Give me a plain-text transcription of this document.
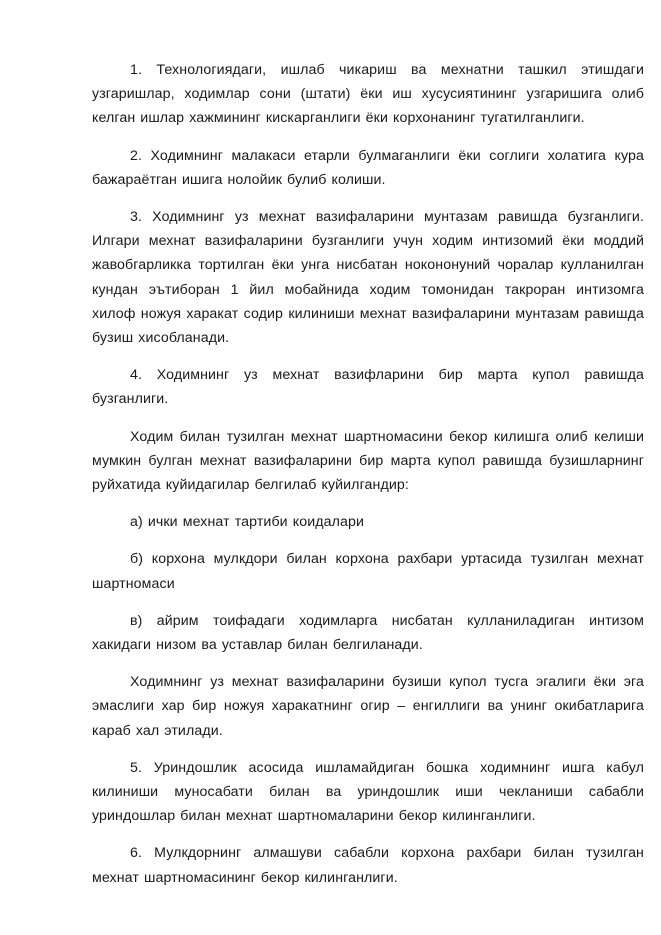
1. Технологиядаги, ишлаб чикариш ва мехнатни ташкил этишдаги узгаришлар, ходимлар сони (штати) ёки иш хусусиятининг узгаришига олиб келган ишлар хажмининг кискарганлиги ёки корхонанинг тугатилганлиги.

2. Ходимнинг малакаси етарли булмаганлиги ёки соглиги холатига кура бажараётган ишига нолойик булиб колиши.

3. Ходимнинг уз мехнат вазифаларини мунтазам равишда бузганлиги. Илгари мехнат вазифаларини бузганлиги учун ходим интизомий ёки моддий жавобгарликка тортилган ёки унга нисбатан нокононуний чоралар кулланилган кундан эътиборан 1 йил мобайнида ходим томонидан такроран интизомга хилоф ножуя харакат содир килиниши мехнат вазифаларини мунтазам равишда бузиш хисобланади.

4. Ходимнинг уз мехнат вазифларини бир марта купол равишда бузганлиги.

Ходим билан тузилган мехнат шартномасини бекор килишга олиб келиши мумкин булган мехнат вазифаларини бир марта купол равишда бузишларнинг руйхатида куйидагилар белгилаб куйилгандир:

а) ички мехнат тартиби коидалари

б) корхона мулкдори билан корхона рахбари уртасида тузилган мехнат шартномаси

в) айрим тоифадаги ходимларга нисбатан кулланиладиган интизом хакидаги низом ва уставлар билан белгиланади.

Ходимнинг уз мехнат вазифаларини бузиши купол тусга эгалиги ёки эга эмаслиги хар бир ножуя харакатнинг огир – енгиллиги ва унинг окибатларига караб хал этилади.

5. Уриндошлик асосида ишламайдиган бошка ходимнинг ишга кабул килиниши муносабати билан ва уриндошлик иши чекланиши сабабли уриндошлар билан мехнат шартномаларини бекор килинганлиги.

6. Мулкдорнинг алмашуви сабабли корхона рахбари билан тузилган мехнат шартномасининг бекор килинганлиги.
